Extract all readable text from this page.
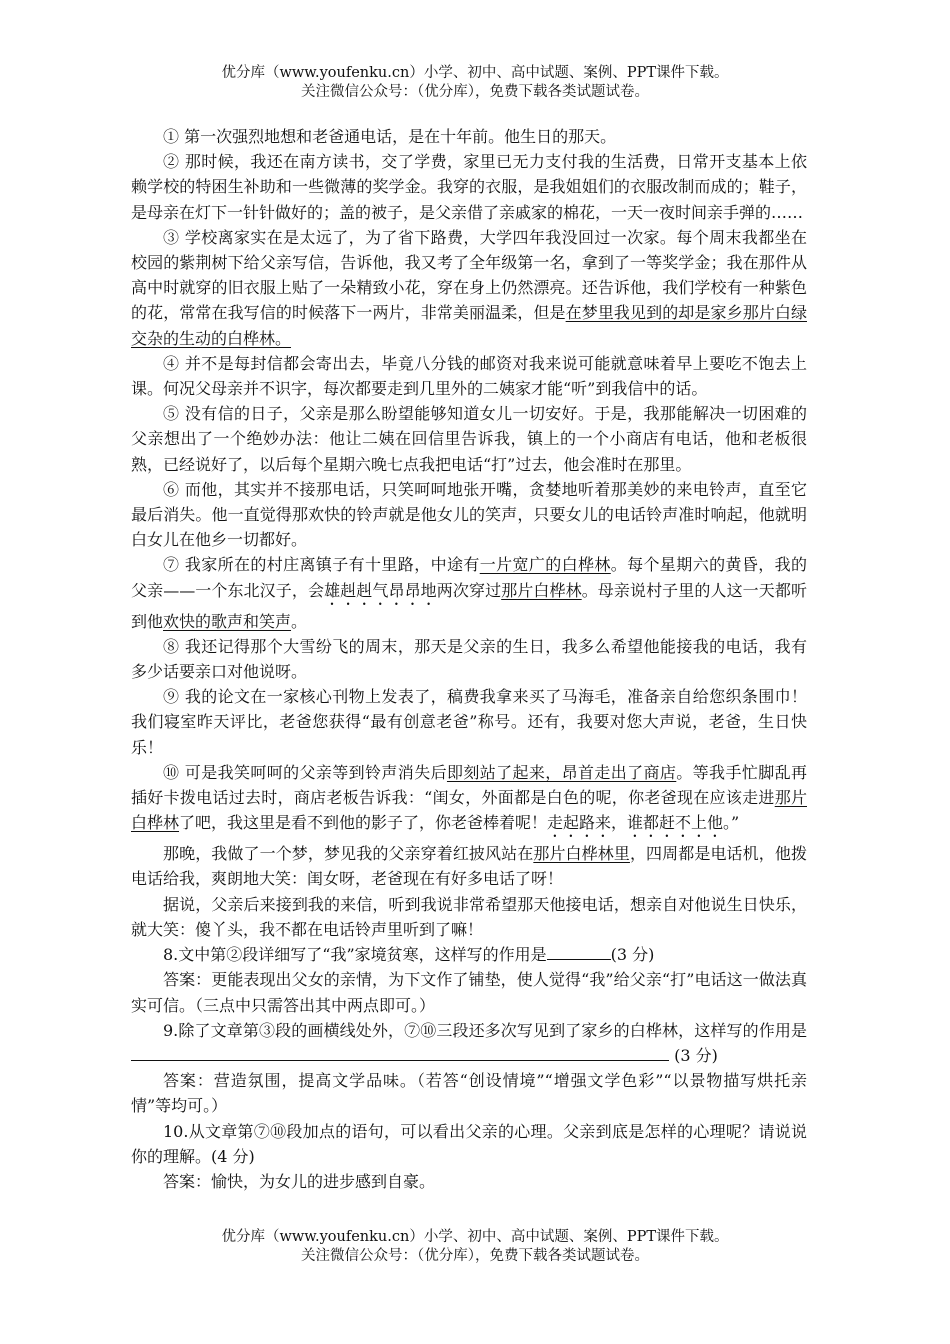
优分库（www.youfenku.cn）小学、初中、高中试题、案例、PPT课件下载。
关注微信公众号：（优分库），免费下载各类试题试卷。

① 第一次强烈地想和老爸通电话，是在十年前。他生日的那天。

② 那时候，我还在南方读书，交了学费，家里已无力支付我的生活费，日常开支基本上依赖学校的特困生补助和一些微薄的奖学金。我穿的衣服，是我姐姐们的衣服改制而成的；鞋子，是母亲在灯下一针针做好的；盖的被子，是父亲借了亲戚家的棉花，一天一夜时间亲手弹的……

③ 学校离家实在是太远了，为了省下路费，大学四年我没回过一次家。每个周末我都坐在校园的紫荆树下给父亲写信，告诉他，我又考了全年级第一名，拿到了一等奖学金；我在那件从高中时就穿的旧衣服上贴了一朵精致小花，穿在身上仍然漂亮。还告诉他，我们学校有一种紫色的花，常常在我写信的时候落下一两片，非常美丽温柔，但是在梦里我见到的却是家乡那片白绿交杂的生动的白桦林。

④ 并不是每封信都会寄出去，毕竟八分钱的邮资对我来说可能就意味着早上要吃不饱去上课。何况父母亲并不识字，每次都要走到几里外的二姨家才能“听”到我信中的话。

⑤ 没有信的日子，父亲是那么盼望能够知道女儿一切安好。于是，我那能解决一切困难的父亲想出了一个绝妙办法：他让二姨在回信里告诉我，镇上的一个小商店有电话，他和老板很熟，已经说好了，以后每个星期六晚七点我把电话“打”过去，他会准时在那里。

⑥ 而他，其实并不接那电话，只笑呵呵地张开嘴，贪婪地听着那美妙的来电铃声，直至它最后消失。他一直觉得那欢快的铃声就是他女儿的笑声，只要女儿的电话铃声准时响起，他就明白女儿在他乡一切都好。

⑦ 我家所在的村庄离镇子有十里路，中途有一片宽广的白桦林。每个星期六的黄昏，我的父亲——一个东北汉子，会雄赳赳气昂昂地两次穿过那片白桦林。母亲说村子里的人这一天都听到他欢快的歌声和笑声。

⑧ 我还记得那个大雪纷飞的周末，那天是父亲的生日，我多么希望他能接我的电话，我有多少话要亲口对他说呀。

⑨ 我的论文在一家核心刊物上发表了，稿费我拿来买了马海毛，准备亲自给您织条围巾！我们寝室昨天评比，老爸您获得“最有创意老爸”称号。还有，我要对您大声说，老爸，生日快乐！

⑩ 可是我笑呵呵的父亲等到铃声消失后即刻站了起来，昂首走出了商店。等我手忙脚乱再插好卡拨电话过去时，商店老板告诉我：“闺女，外面都是白色的呢，你老爸现在应该走进那片白桦林了吧，我这里是看不到他的影子了，你老爸棒着呢！走起路来，谁都赶不上他。”

那晚，我做了一个梦，梦见我的父亲穿着红披风站在那片白桦林里，四周都是电话机，他拨电话给我，爽朗地大笑：闺女呀，老爸现在有好多电话了呀！

据说，父亲后来接到我的来信，听到我说非常希望那天他接电话，想亲自对他说生日快乐，就大笑：傻丫头，我不都在电话铃声里听到了嘛！

8.文中第②段详细写了“我”家境贫寒，这样写的作用是	(3 分)

答案：更能表现出父女的亲情，为下文作了铺垫，使人觉得“我”给父亲“打”电话这一做法真实可信。（三点中只需答出其中两点即可。）

9.除了文章第③段的画横线处外，⑦⑩三段还多次写见到了家乡的白桦林，这样写的作用是 (3 分)

答案：营造氛围，提高文学品味。（若答“创设情境”“增强文学色彩”“以景物描写烘托亲情”等均可。）

10.从文章第⑦⑩段加点的语句，可以看出父亲的心理。父亲到底是怎样的心理呢？请说说你的理解。(4 分)

答案：愉快，为女儿的进步感到自豪。

优分库（www.youfenku.cn）小学、初中、高中试题、案例、PPT课件下载。
关注微信公众号：（优分库），免费下载各类试题试卷。
